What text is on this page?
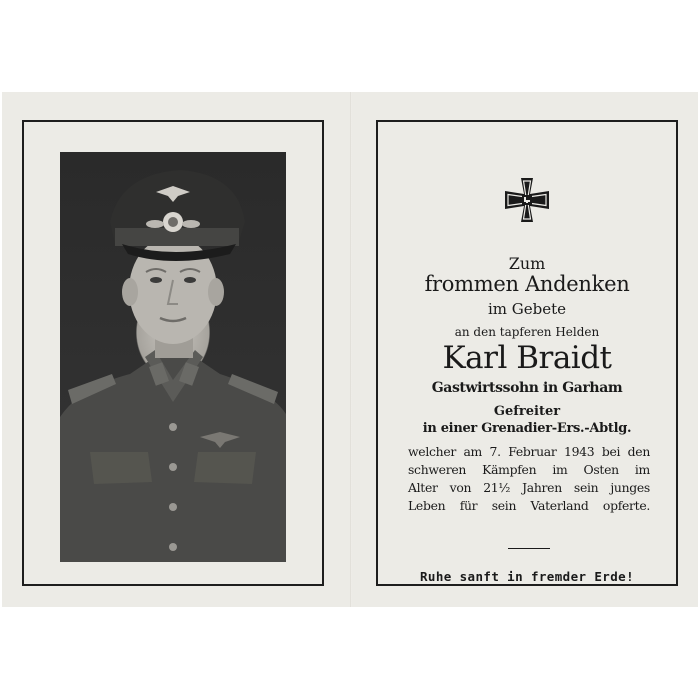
Zum
frommen Andenken
im Gebete
an den tapferen Helden
Karl Braidt
Gastwirtssohn in Garham
Gefreiter
in einer Grenadier-Ers.-Abtlg.
welcher am 7. Februar 1943 bei den
schweren Kämpfen im Osten im
Alter von 21½ Jahren sein junges
Leben für sein Vaterland opferte.
Ruhe sanft in fremder Erde!
